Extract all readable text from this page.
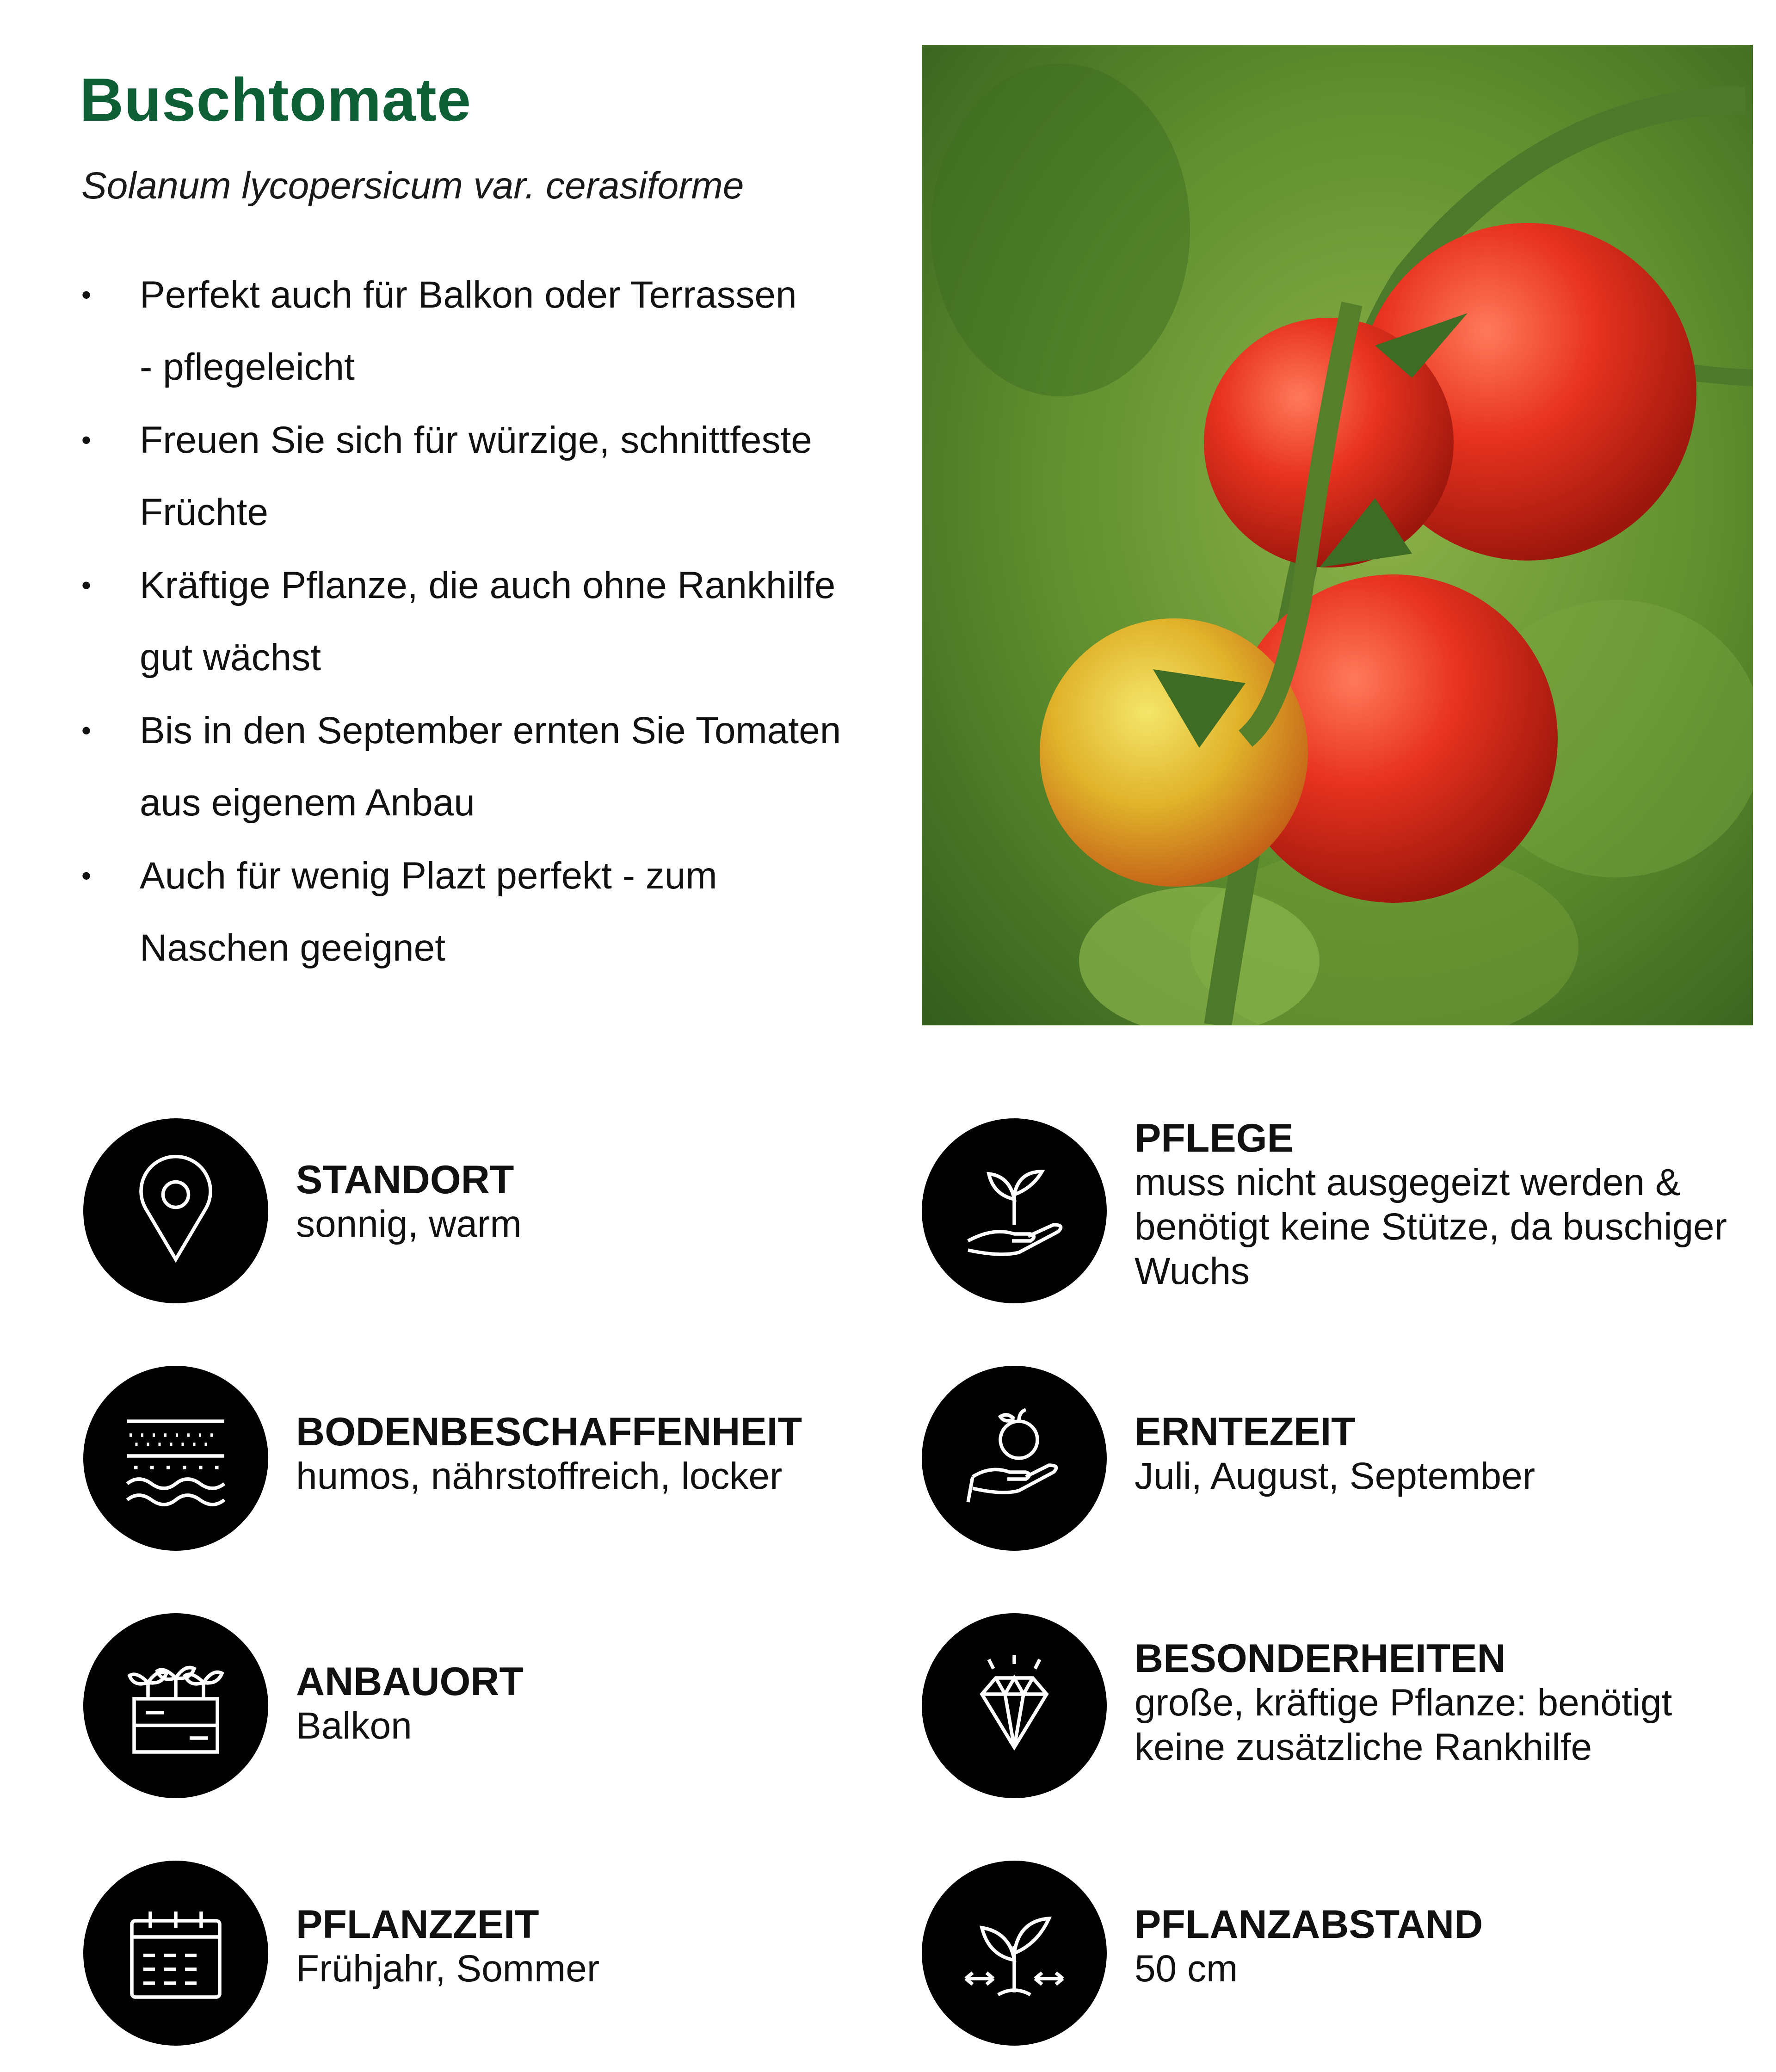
Buschtomate

Solanum lycopersicum var. cerasiforme

• Perfekt auch für Balkon oder Terrassen
- pflegeleicht
• Freuen Sie sich für würzige, schnittfeste
Früchte
• Kräftige Pflanze, die auch ohne Rankhilfe
gut wächst
• Bis in den September ernten Sie Tomaten
aus eigenem Anbau
• Auch für wenig Plazt perfekt - zum
Naschen geeignet
STANDORT
sonnig, warm
BODENBESCHAFFENHEIT
humos, nährstoffreich, locker
ANBAUORT
Balkon
PFLANZZEIT
Frühjahr, Sommer
PFLEGE
muss nicht ausgegeizt werden &
benötigt keine Stütze, da buschiger
Wuchs
ERNTEZEIT
Juli, August, September
BESONDERHEITEN
große, kräftige Pflanze: benötigt
keine zusätzliche Rankhilfe
PFLANZABSTAND
50 cm
